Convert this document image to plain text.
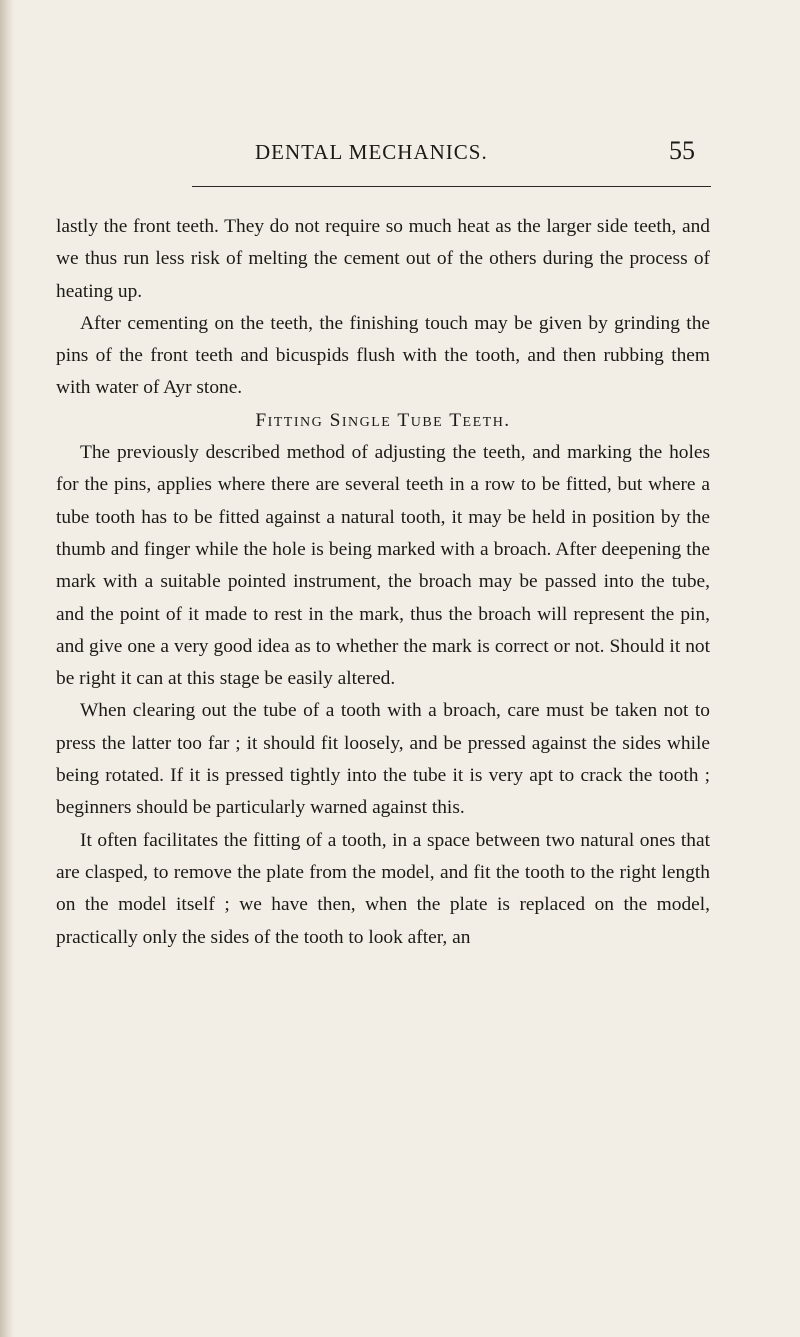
DENTAL MECHANICS.	55

lastly the front teeth. They do not require so much heat as the larger side teeth, and we thus run less risk of melting the cement out of the others during the process of heating up.

After cementing on the teeth, the finishing touch may be given by grinding the pins of the front teeth and bicuspids flush with the tooth, and then rubbing them with water of Ayr stone.

Fitting Single Tube Teeth.

The previously described method of adjusting the teeth, and marking the holes for the pins, applies where there are several teeth in a row to be fitted, but where a tube tooth has to be fitted against a natural tooth, it may be held in position by the thumb and finger while the hole is being marked with a broach. After deepening the mark with a suitable pointed instrument, the broach may be passed into the tube, and the point of it made to rest in the mark, thus the broach will represent the pin, and give one a very good idea as to whether the mark is correct or not. Should it not be right it can at this stage be easily altered.

When clearing out the tube of a tooth with a broach, care must be taken not to press the latter too far ; it should fit loosely, and be pressed against the sides while being rotated. If it is pressed tightly into the tube it is very apt to crack the tooth ; beginners should be particularly warned against this.

It often facilitates the fitting of a tooth, in a space between two natural ones that are clasped, to remove the plate from the model, and fit the tooth to the right length on the model itself ; we have then, when the plate is replaced on the model, practically only the sides of the tooth to look after, an
